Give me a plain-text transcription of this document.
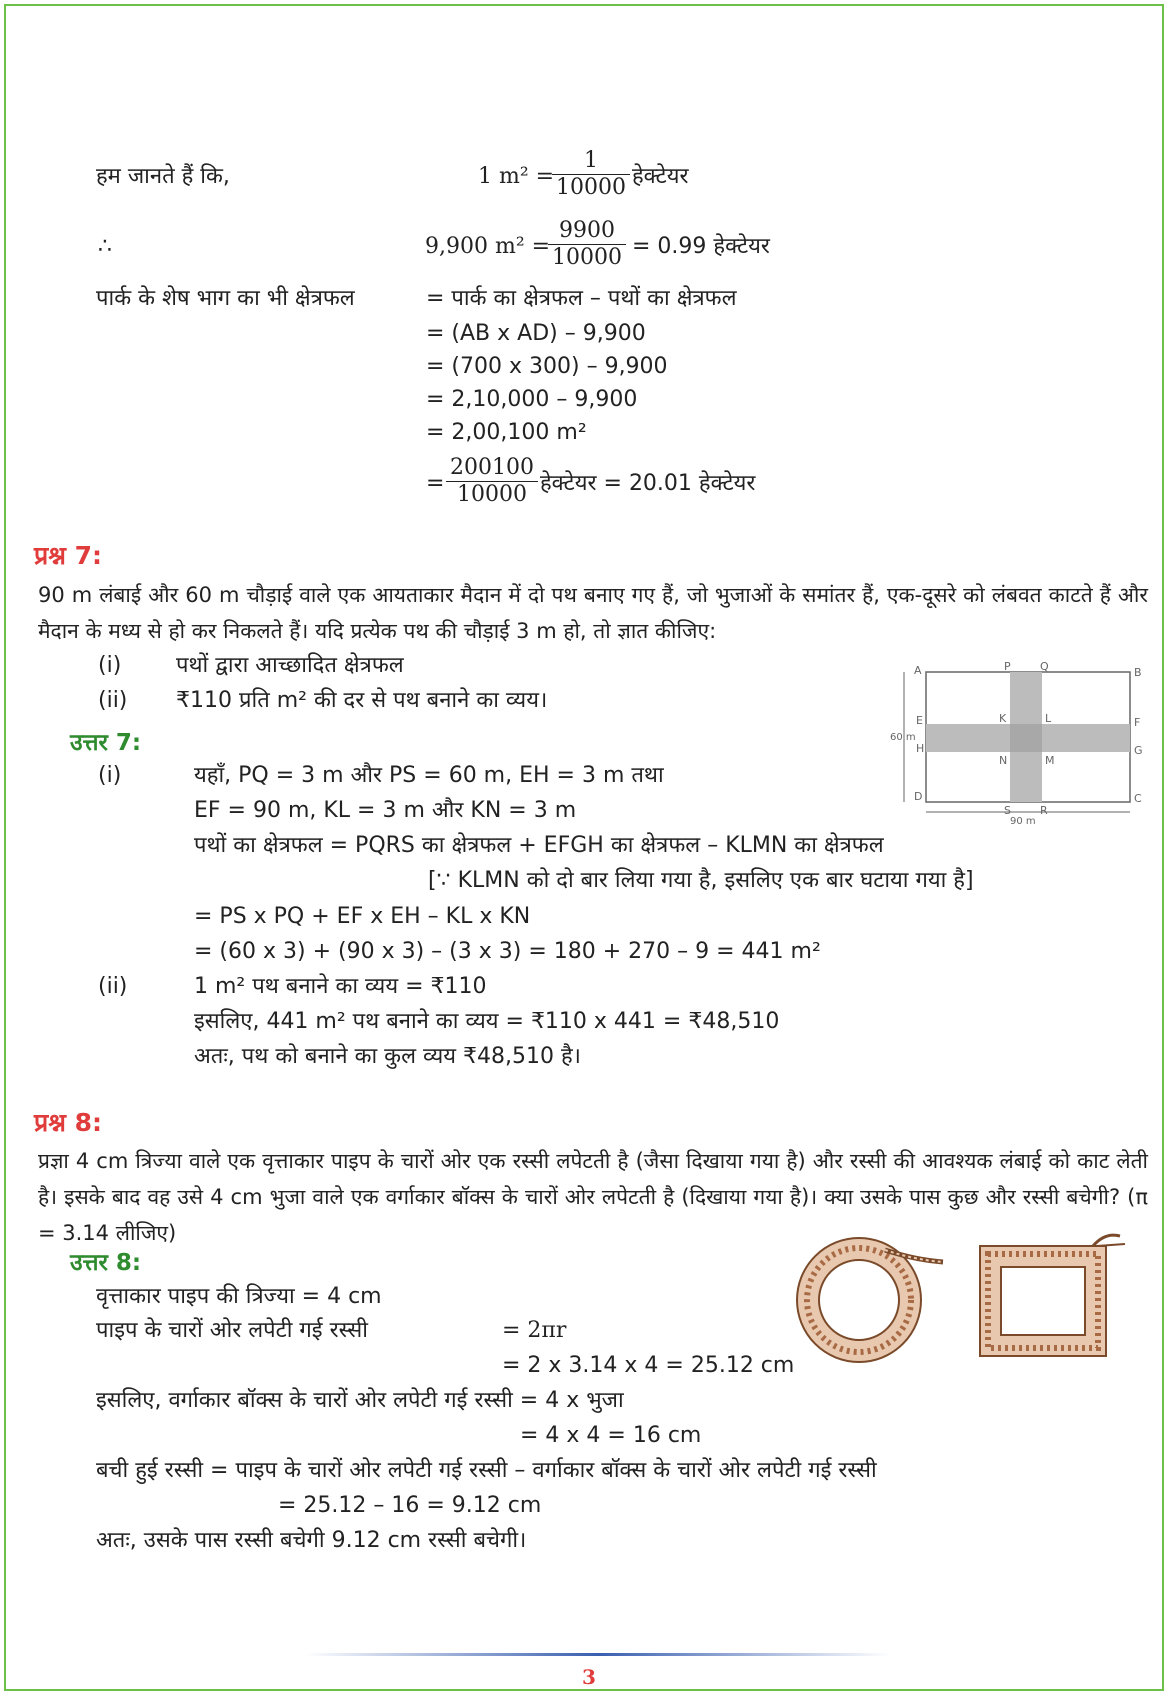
हम जानते हैं कि,	1 m² =
$\frac{1}{10000}$ हेक्टेयर
∴	9,900 m² =
$\frac{9900}{10000} = 0.99$ हेक्टेयर
पार्क के शेष भाग का भी क्षेत्रफल	= पार्क का क्षेत्रफल – पथों का क्षेत्रफल
= (AB x AD) – 9,900
= (700 x 300) – 9,900
= 2,10,000 – 9,900
= 2,00,100 m²
= $\frac{200100}{10000}$ हेक्टेयर = 20.01 हेक्टेयर
प्रश्न 7:
90 m लंबाई और 60 m चौड़ाई वाले एक आयताकार मैदान में दो पथ बनाए गए हैं, जो भुजाओं के समांतर हैं, एक-दूसरे को लंबवत काटते हैं और मैदान के मध्य से हो कर निकलते हैं। यदि प्रत्येक पथ की चौड़ाई 3 m हो, तो ज्ञात कीजिए:
(i) पथों द्वारा आच्छादित क्षेत्रफल
(ii) ₹110 प्रति m² की दर से पथ बनाने का व्यय।
उत्तर 7:
(i)	यहाँ, PQ = 3 m और PS = 60 m, EH = 3 m तथा
EF = 90 m, KL = 3 m और KN = 3 m
पथों का क्षेत्रफल = PQRS का क्षेत्रफल + EFGH का क्षेत्रफल – KLMN का क्षेत्रफल
[∵ KLMN को दो बार लिया गया है, इसलिए एक बार घटाया गया है]
= PS x PQ + EF x EH – KL x KN
= (60 x 3) + (90 x 3) – (3 x 3) = 180 + 270 – 9 = 441 m²
(ii)	1 m² पथ बनाने का व्यय = ₹110
इसलिए, 441 m² पथ बनाने का व्यय = ₹110 x 441 = ₹48,510
अतः, पथ को बनाने का कुल व्यय ₹48,510 है।
A	B
C
D
P	Q
R
S
E	F
G
H
K	L
M
N
60 m
90 m
प्रश्न 8:
प्रज्ञा 4 cm त्रिज्या वाले एक वृत्ताकार पाइप के चारों ओर एक रस्सी लपेटती है (जैसा दिखाया गया है) और रस्सी की आवश्यक लंबाई को काट लेती है। इसके बाद वह उसे 4 cm भुजा वाले एक वर्गाकार बॉक्स के चारों ओर लपेटती है (दिखाया गया है)। क्या उसके पास कुछ और रस्सी बचेगी? (π = 3.14 लीजिए)
उत्तर 8:
वृत्ताकार पाइप की त्रिज्या = 4 cm
पाइप के चारों ओर लपेटी गई रस्सी	= 2πr
= 2 x 3.14 x 4 = 25.12 cm
इसलिए, वर्गाकार बॉक्स के चारों ओर लपेटी गई रस्सी = 4 x भुजा
= 4 x 4 = 16 cm
बची हुई रस्सी = पाइप के चारों ओर लपेटी गई रस्सी – वर्गाकार बॉक्स के चारों ओर लपेटी गई रस्सी
= 25.12 – 16 = 9.12 cm
अतः, उसके पास रस्सी बचेगी 9.12 cm रस्सी बचेगी।
3
